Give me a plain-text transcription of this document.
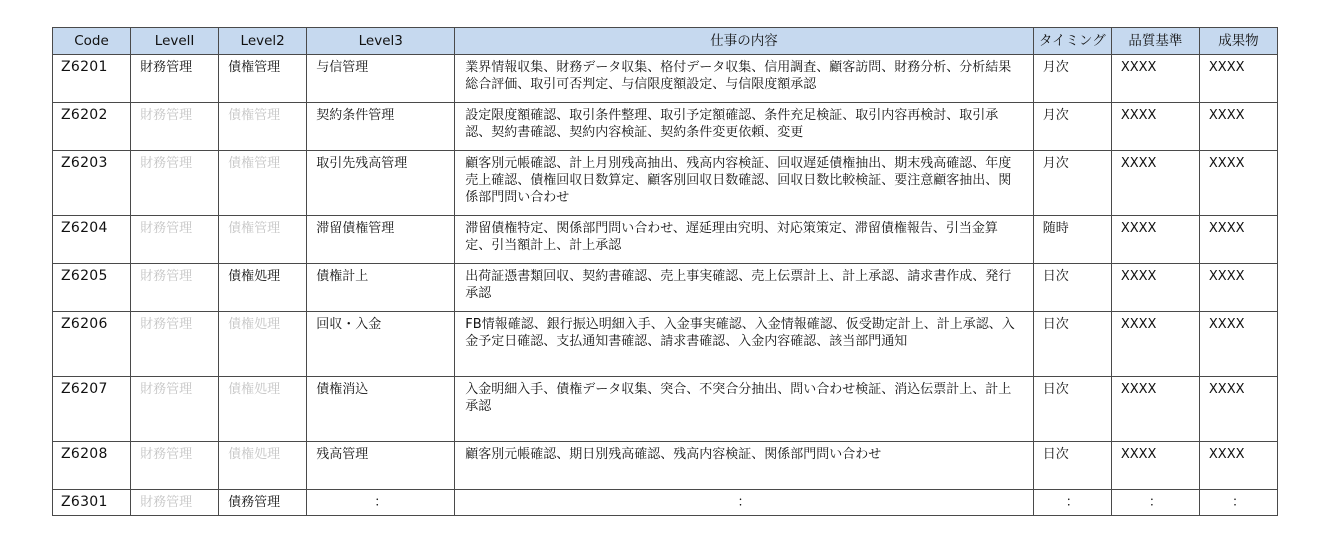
Code	LevelⅠ	Level2	Level3	仕事の内容	タイミング	品質基準	成果物
Z6201	財務管理	債権管理	与信管理	業界情報収集、財務データ収集、格付データ収集、信用調査、顧客訪問、財務分析、分析結果総合評価、取引可否判定、与信限度額設定、与信限度額承認	月次	XXXX	XXXX
Z6202	財務管理	債権管理	契約条件管理	設定限度額確認、取引条件整理、取引予定額確認、条件充足検証、取引内容再検討、取引承認、契約書確認、契約内容検証、契約条件変更依頼、変更	月次	XXXX	XXXX
Z6203	財務管理	債権管理	取引先残高管理	顧客別元帳確認、計上月別残高抽出、残高内容検証、回収遅延債権抽出、期末残高確認、年度売上確認、債権回収日数算定、顧客別回収日数確認、回収日数比較検証、要注意顧客抽出、関係部門問い合わせ	月次	XXXX	XXXX
Z6204	財務管理	債権管理	滞留債権管理	滞留債権特定、関係部門問い合わせ、遅延理由究明、対応策策定、滞留債権報告、引当金算定、引当額計上、計上承認	随時	XXXX	XXXX
Z6205	財務管理	債権処理	債権計上	出荷証憑書類回収、契約書確認、売上事実確認、売上伝票計上、計上承認、請求書作成、発行承認	日次	XXXX	XXXX
Z6206	財務管理	債権処理	回収・入金	FB情報確認、銀行振込明細入手、入金事実確認、入金情報確認、仮受勘定計上、計上承認、入金予定日確認、支払通知書確認、請求書確認、入金内容確認、該当部門通知	日次	XXXX	XXXX
Z6207	財務管理	債権処理	債権消込	入金明細入手、債権データ収集、突合、不突合分抽出、問い合わせ検証、消込伝票計上、計上承認	日次	XXXX	XXXX
Z6208	財務管理	債権処理	残高管理	顧客別元帳確認、期日別残高確認、残高内容検証、関係部門問い合わせ	日次	XXXX	XXXX
Z6301	財務管理	債務管理	：	：	：	：	：
